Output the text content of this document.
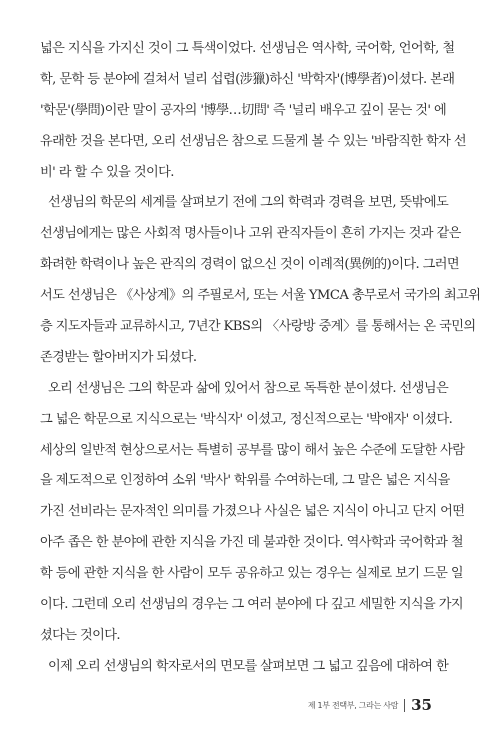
넓은 지식을 가지신 것이 그 특색이었다. 선생님은 역사학, 국어학, 언어학, 철
학, 문학 등 분야에 걸쳐서 널리 섭렵(涉獵)하신 '박학자'(博學者)이셨다. 본래
'학문'(學問)이란 말이 공자의 '博學…切問' 즉 '널리 배우고 깊이 묻는 것' 에
유래한 것을 본다면, 오리 선생님은 참으로 드물게 볼 수 있는 '바람직한 학자 선
비' 라 할 수 있을 것이다.
선생님의 학문의 세계를 살펴보기 전에 그의 학력과 경력을 보면, 뜻밖에도
선생님에게는 많은 사회적 명사들이나 고위 관직자들이 흔히 가지는 것과 같은
화려한 학력이나 높은 관직의 경력이 없으신 것이 이례적(異例的)이다. 그러면
서도 선생님은 《사상계》의 주필로서, 또는 서울 YMCA 총무로서 국가의 최고위
층 지도자들과 교류하시고, 7년간 KBS의 〈사랑방 중계〉를 통해서는 온 국민의
존경받는 할아버지가 되셨다.
오리 선생님은 그의 학문과 삶에 있어서 참으로 독특한 분이셨다. 선생님은
그 넓은 학문으로 지식으로는 '박식자' 이셨고, 정신적으로는 '박애자' 이셨다.
세상의 일반적 현상으로서는 특별히 공부를 많이 해서 높은 수준에 도달한 사람
을 제도적으로 인정하여 소위 '박사' 학위를 수여하는데, 그 말은 넓은 지식을
가진 선비라는 문자적인 의미를 가졌으나 사실은 넓은 지식이 아니고 단지 어떤
아주 좁은 한 분야에 관한 지식을 가진 데 불과한 것이다. 역사학과 국어학과 철
학 등에 관한 지식을 한 사람이 모두 공유하고 있는 경우는 실제로 보기 드문 일
이다. 그런데 오리 선생님의 경우는 그 여러 분야에 다 깊고 세밀한 지식을 가지
셨다는 것이다.
이제 오리 선생님의 학자로서의 면모를 살펴보면 그 넓고 깊음에 대하여 한
제 1부 전택부, 그라는 사람 35
